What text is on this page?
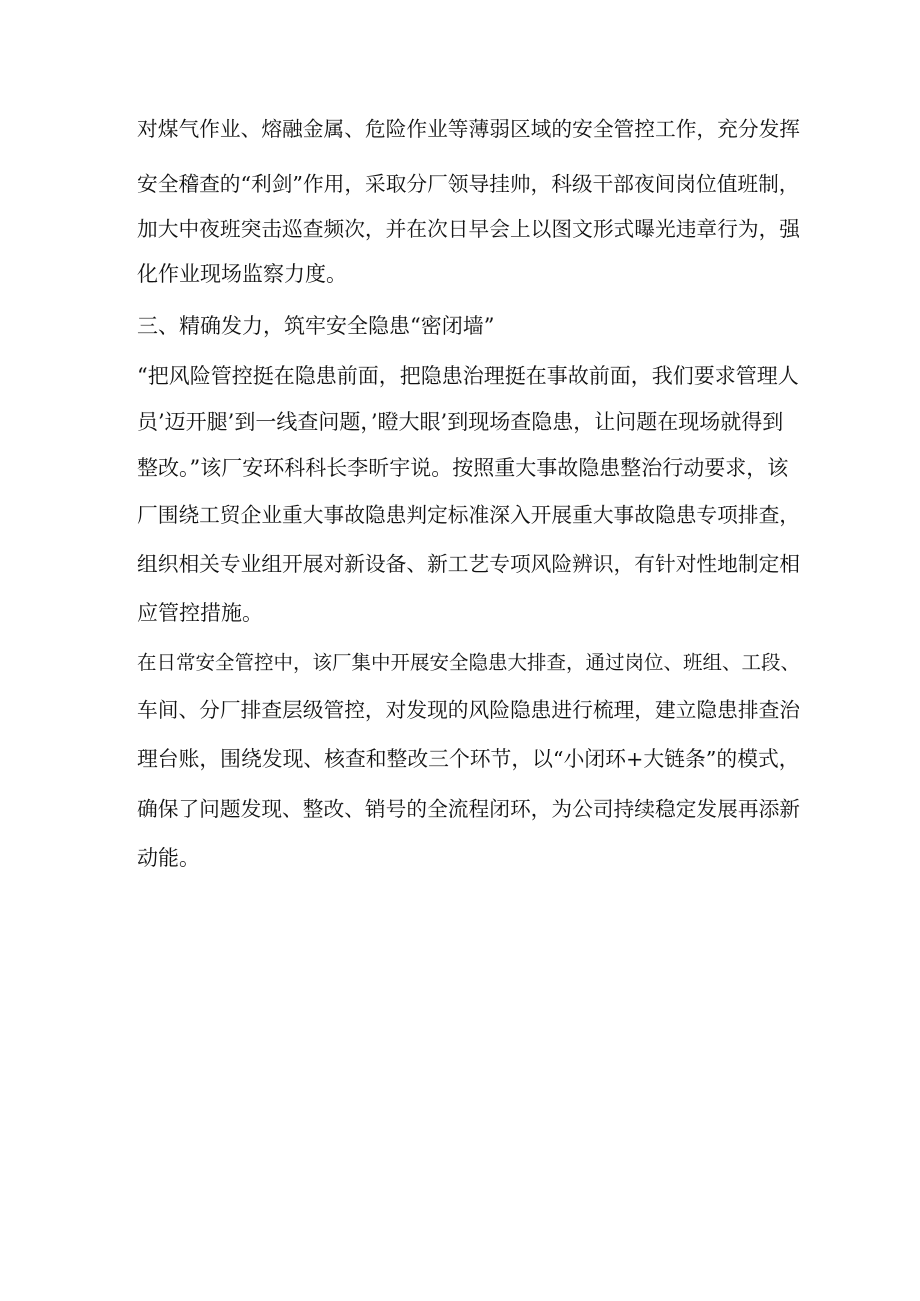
对煤气作业、熔融金属、危险作业等薄弱区域的安全管控工作，充分发挥
安全稽查的“利剑”作用，采取分厂领导挂帅，科级干部夜间岗位值班制，
加大中夜班突击巡查频次，并在次日早会上以图文形式曝光违章行为，强
化作业现场监察力度。
三、精确发力，筑牢安全隐患“密闭墙”
“把风险管控挺在隐患前面，把隐患治理挺在事故前面，我们要求管理人
员’迈开腿’到一线查问题，’瞪大眼’到现场查隐患，让问题在现场就得到
整改。”该厂安环科科长李昕宇说。按照重大事故隐患整治行动要求，该
厂围绕工贸企业重大事故隐患判定标准深入开展重大事故隐患专项排查，
组织相关专业组开展对新设备、新工艺专项风险辨识，有针对性地制定相
应管控措施。
在日常安全管控中，该厂集中开展安全隐患大排查，通过岗位、班组、工段、
车间、分厂排查层级管控，对发现的风险隐患进行梳理，建立隐患排查治
理台账，围绕发现、核查和整改三个环节，以“小闭环+大链条”的模式，
确保了问题发现、整改、销号的全流程闭环，为公司持续稳定发展再添新
动能。
